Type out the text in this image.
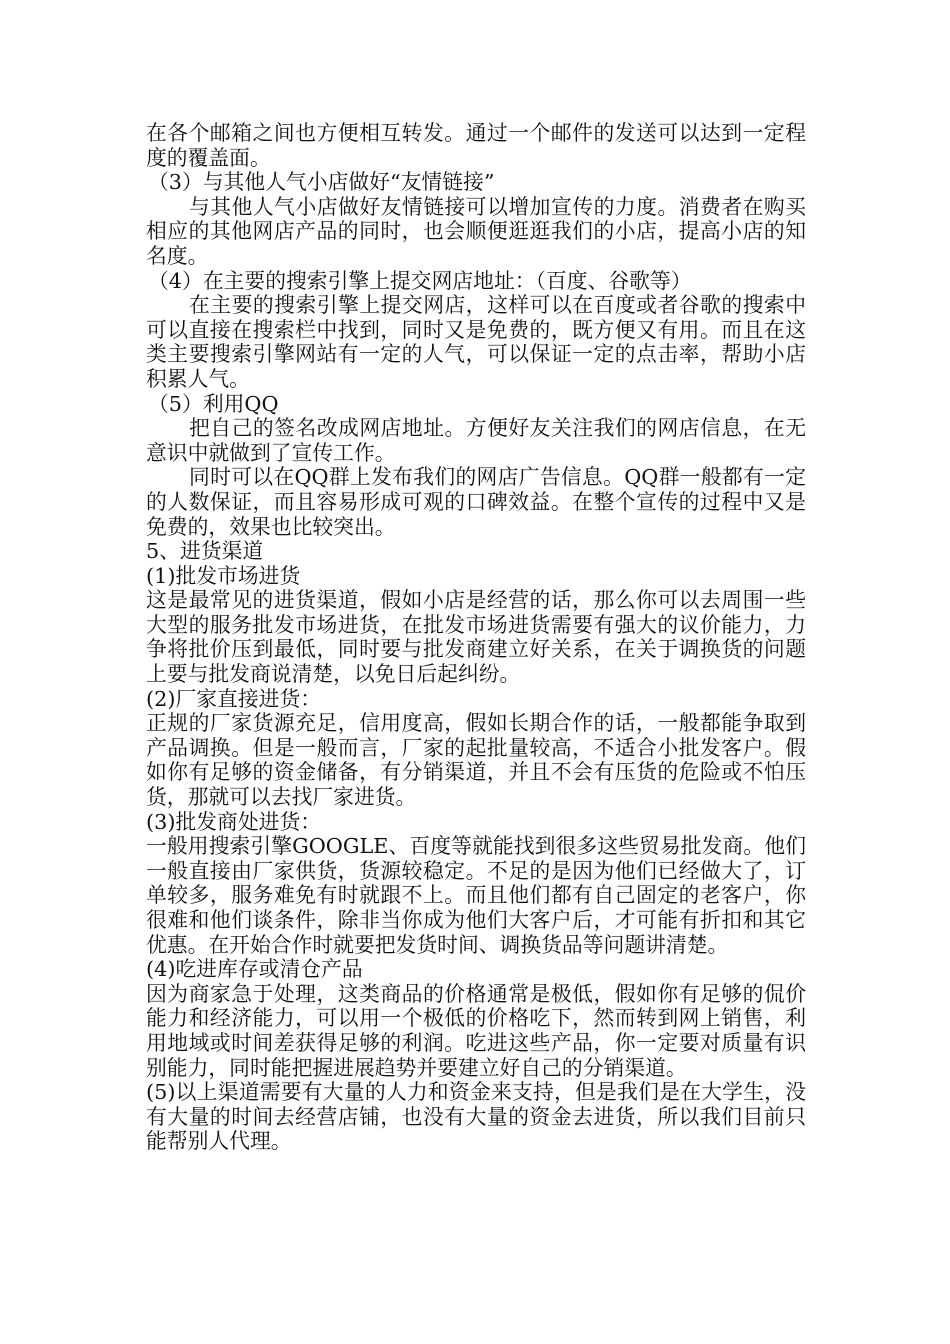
在各个邮箱之间也方便相互转发。通过一个邮件的发送可以达到一定程度的覆盖面。

（3）与其他人气小店做好“友情链接”

与其他人气小店做好友情链接可以增加宣传的力度。消费者在购买相应的其他网店产品的同时，也会顺便逛逛我们的小店，提高小店的知名度。

（4）在主要的搜索引擎上提交网店地址：（百度、谷歌等）

在主要的搜索引擎上提交网店，这样可以在百度或者谷歌的搜索中可以直接在搜索栏中找到，同时又是免费的，既方便又有用。而且在这类主要搜索引擎网站有一定的人气，可以保证一定的点击率，帮助小店积累人气。

（5）利用QQ

把自己的签名改成网店地址。方便好友关注我们的网店信息，在无意识中就做到了宣传工作。

同时可以在QQ群上发布我们的网店广告信息。QQ群一般都有一定的人数保证，而且容易形成可观的口碑效益。在整个宣传的过程中又是免费的，效果也比较突出。

5、进货渠道

(1)批发市场进货

这是最常见的进货渠道，假如小店是经营的话，那么你可以去周围一些大型的服务批发市场进货，在批发市场进货需要有强大的议价能力，力争将批价压到最低，同时要与批发商建立好关系，在关于调换货的问题上要与批发商说清楚，以免日后起纠纷。

(2)厂家直接进货：

正规的厂家货源充足，信用度高，假如长期合作的话，一般都能争取到产品调换。但是一般而言，厂家的起批量较高，不适合小批发客户。假如你有足够的资金储备，有分销渠道，并且不会有压货的危险或不怕压货，那就可以去找厂家进货。

(3)批发商处进货：

一般用搜索引擎GOOGLE、百度等就能找到很多这些贸易批发商。他们一般直接由厂家供货，货源较稳定。不足的是因为他们已经做大了，订单较多，服务难免有时就跟不上。而且他们都有自己固定的老客户，你很难和他们谈条件，除非当你成为他们大客户后，才可能有折扣和其它优惠。在开始合作时就要把发货时间、调换货品等问题讲清楚。

(4)吃进库存或清仓产品

因为商家急于处理，这类商品的价格通常是极低，假如你有足够的侃价能力和经济能力，可以用一个极低的价格吃下，然而转到网上销售，利用地域或时间差获得足够的利润。吃进这些产品，你一定要对质量有识别能力，同时能把握进展趋势并要建立好自己的分销渠道。

(5)以上渠道需要有大量的人力和资金来支持，但是我们是在大学生，没有大量的时间去经营店铺，也没有大量的资金去进货，所以我们目前只能帮别人代理。
